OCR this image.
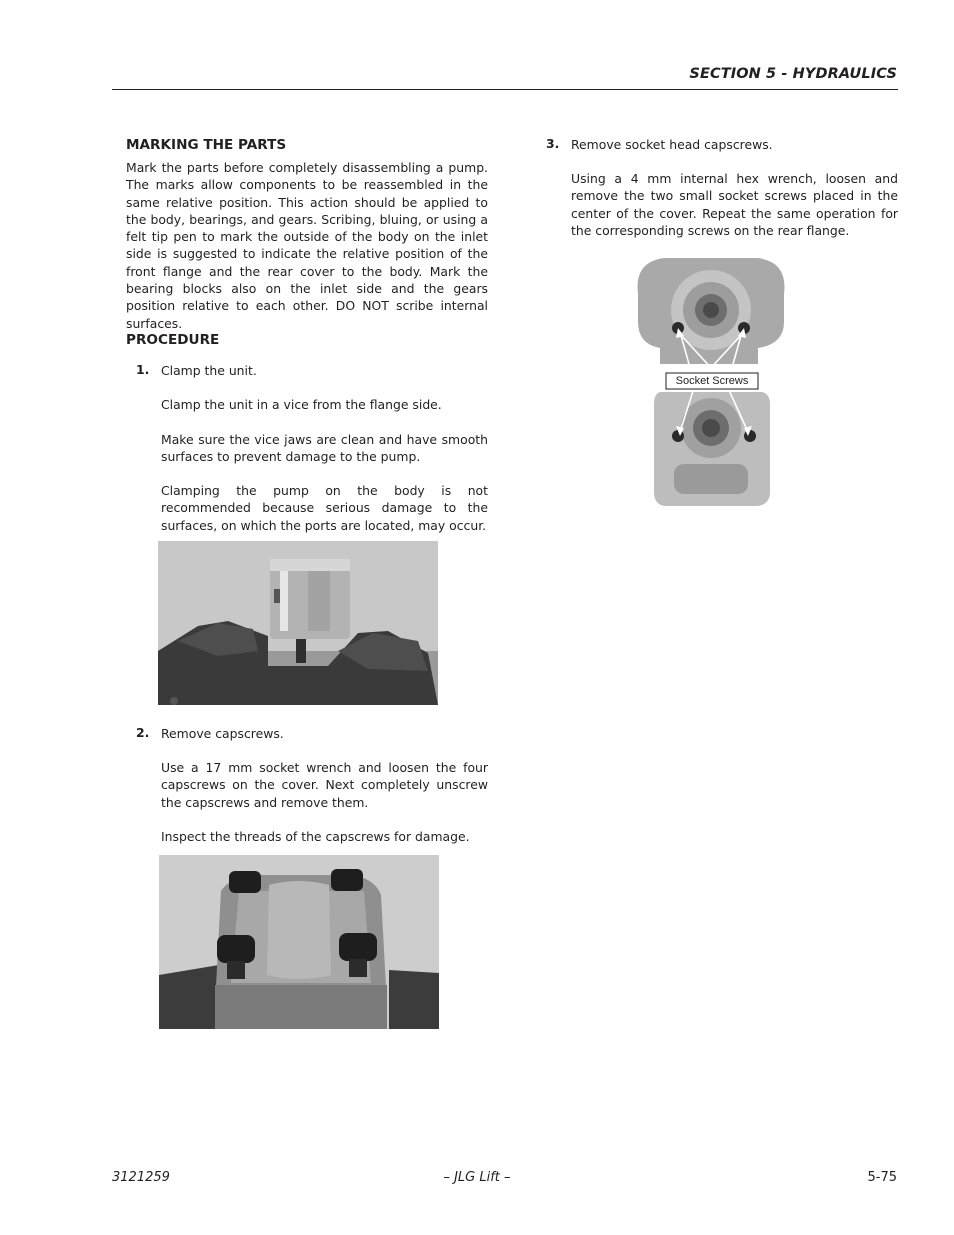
SECTION 5 - HYDRAULICS
MARKING THE PARTS
Mark the parts before completely disassembling a pump. The marks allow components to be reassembled in the same relative position. This action should be applied to the body, bearings, and gears. Scribing, bluing, or using a felt tip pen to mark the outside of the body on the inlet side is suggested to indicate the relative position of the front flange and the rear cover to the body. Mark the bearing blocks also on the inlet side and the gears position relative to each other. DO NOT scribe internal surfaces.
PROCEDURE
1. Clamp the unit.
Clamp the unit in a vice from the flange side.
Make sure the vice jaws are clean and have smooth surfaces to prevent damage to the pump.
Clamping the pump on the body is not recommended because serious damage to the surfaces, on which the ports are located, may occur.
2. Remove capscrews.
Use a 17 mm socket wrench and loosen the four capscrews on the cover. Next completely unscrew the capscrews and remove them.
Inspect the threads of the capscrews for damage.
3. Remove socket head capscrews.
Using a 4 mm internal hex wrench, loosen and remove the two small socket screws placed in the center of the cover. Repeat the same operation for the corresponding screws on the rear flange.
Socket Screws
3121259	– JLG Lift –	5-75
